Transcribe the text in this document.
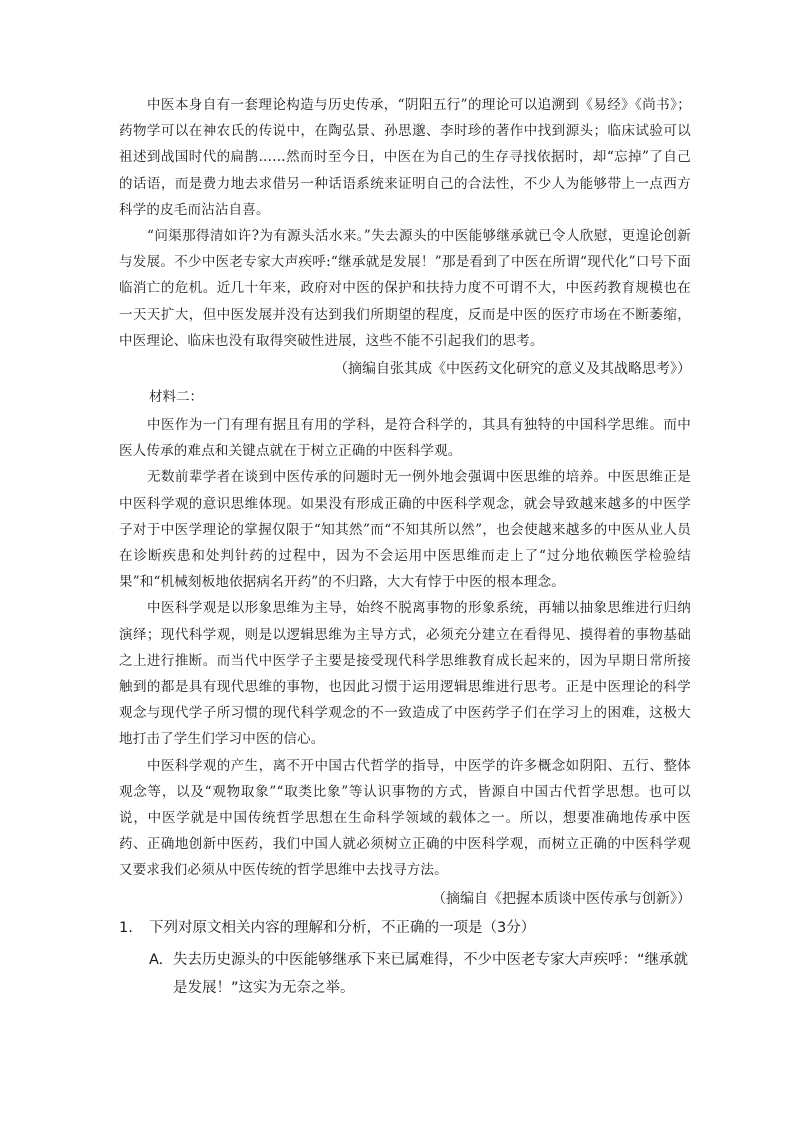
中医本身自有一套理论构造与历史传承，“阴阳五行”的理论可以追溯到《易经》《尚书》；药物学可以在神农氏的传说中，在陶弘景、孙思邈、李时珍的著作中找到源头；临床试验可以祖述到战国时代的扁鹊……然而时至今日，中医在为自己的生存寻找依据时，却“忘掉”了自己的话语，而是费力地去求借另一种话语系统来证明自己的合法性，不少人为能够带上一点西方科学的皮毛而沾沾自喜。

“问渠那得清如许?为有源头活水来。”失去源头的中医能够继承就已令人欣慰，更遑论创新与发展。不少中医老专家大声疾呼:“继承就是发展！”那是看到了中医在所谓“现代化”口号下面临消亡的危机。近几十年来，政府对中医的保护和扶持力度不可谓不大，中医药教育规模也在一天天扩大，但中医发展并没有达到我们所期望的程度，反而是中医的医疗市场在不断萎缩，中医理论、临床也没有取得突破性进展，这些不能不引起我们的思考。

（摘编自张其成《中医药文化研究的意义及其战略思考》）
材料二：

中医作为一门有理有据且有用的学科，是符合科学的，其具有独特的中国科学思维。而中医人传承的难点和关键点就在于树立正确的中医科学观。

无数前辈学者在谈到中医传承的问题时无一例外地会强调中医思维的培养。中医思维正是中医科学观的意识思维体现。如果没有形成正确的中医科学观念，就会导致越来越多的中医学子对于中医学理论的掌握仅限于“知其然”而“不知其所以然”，也会使越来越多的中医从业人员在诊断疾患和处判针药的过程中，因为不会运用中医思维而走上了“过分地依赖医学检验结果”和“机械刻板地依据病名开药”的不归路，大大有悖于中医的根本理念。

中医科学观是以形象思维为主导，始终不脱离事物的形象系统，再辅以抽象思维进行归纳演绎；现代科学观，则是以逻辑思维为主导方式，必须充分建立在看得见、摸得着的事物基础之上进行推断。而当代中医学子主要是接受现代科学思维教育成长起来的，因为早期日常所接触到的都是具有现代思维的事物，也因此习惯于运用逻辑思维进行思考。正是中医理论的科学观念与现代学子所习惯的现代科学观念的不一致造成了中医药学子们在学习上的困难，这极大地打击了学生们学习中医的信心。

中医科学观的产生，离不开中国古代哲学的指导，中医学的许多概念如阴阳、五行、整体观念等，以及“观物取象”“取类比象”等认识事物的方式，皆源自中国古代哲学思想。也可以说，中医学就是中国传统哲学思想在生命科学领域的载体之一。所以，想要准确地传承中医药、正确地创新中医药，我们中国人就必须树立正确的中医科学观，而树立正确的中医科学观又要求我们必须从中医传统的哲学思维中去找寻方法。

（摘编自《把握本质谈中医传承与创新》）
1.	下列对原文相关内容的理解和分析，不正确的一项是（3分）
A. 失去历史源头的中医能够继承下来已属难得，不少中医老专家大声疾呼：“继承就是发展！”这实为无奈之举。
